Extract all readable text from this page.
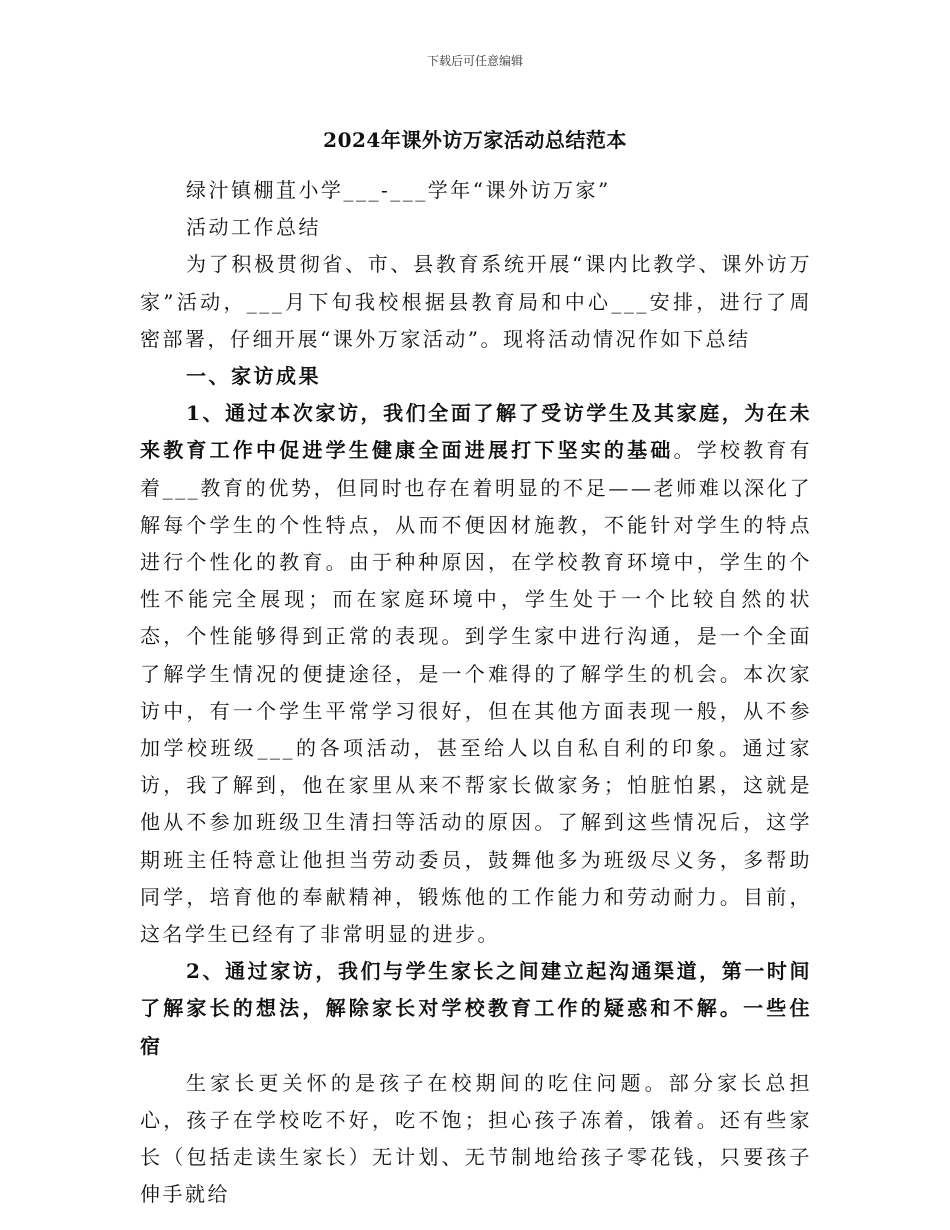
下载后可任意编辑
2024年课外访万家活动总结范本

绿汁镇棚苴小学___-___学年“课外访万家”

活动工作总结

为了积极贯彻省、市、县教育系统开展“课内比教学、课外访万家”活动，___月下旬我校根据县教育局和中心___安排，进行了周密部署，仔细开展“课外万家活动”。现将活动情况作如下总结

一、家访成果

1、通过本次家访，我们全面了解了受访学生及其家庭，为在未来教育工作中促进学生健康全面进展打下坚实的基础。学校教育有着___教育的优势，但同时也存在着明显的不足——老师难以深化了解每个学生的个性特点，从而不便因材施教，不能针对学生的特点进行个性化的教育。由于种种原因，在学校教育环境中，学生的个性不能完全展现；而在家庭环境中，学生处于一个比较自然的状态，个性能够得到正常的表现。到学生家中进行沟通，是一个全面了解学生情况的便捷途径，是一个难得的了解学生的机会。本次家访中，有一个学生平常学习很好，但在其他方面表现一般，从不参加学校班级___的各项活动，甚至给人以自私自利的印象。通过家访，我了解到，他在家里从来不帮家长做家务；怕脏怕累，这就是他从不参加班级卫生清扫等活动的原因。了解到这些情况后，这学期班主任特意让他担当劳动委员，鼓舞他多为班级尽义务，多帮助同学，培育他的奉献精神，锻炼他的工作能力和劳动耐力。目前，这名学生已经有了非常明显的进步。

2、通过家访，我们与学生家长之间建立起沟通渠道，第一时间了解家长的想法，解除家长对学校教育工作的疑惑和不解。一些住宿

生家长更关怀的是孩子在校期间的吃住问题。部分家长总担心，孩子在学校吃不好，吃不饱；担心孩子冻着，饿着。还有些家长（包括走读生家长）无计划、无节制地给孩子零花钱，只要孩子伸手就给
